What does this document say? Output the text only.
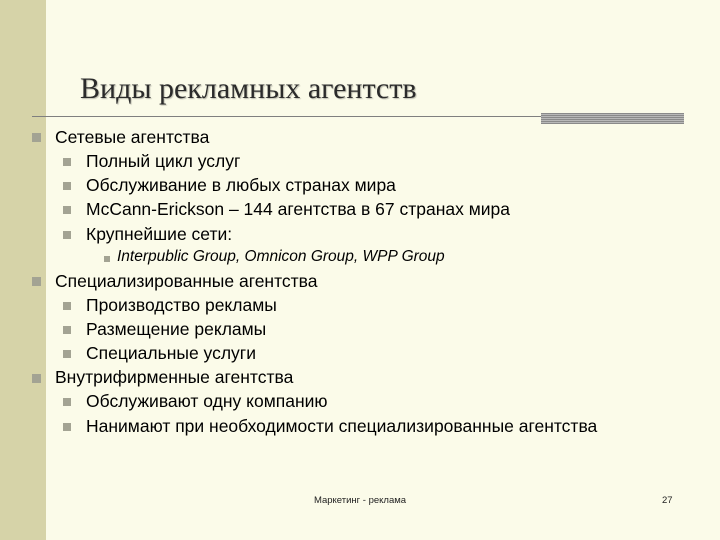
Виды рекламных агентств
Сетевые агентства
Полный цикл услуг
Обслуживание в любых странах мира
McCann-Erickson – 144 агентства в 67 странах мира
Крупнейшие сети:
Interpublic Group, Omnicon Group, WPP Group
Специализированные агентства
Производство рекламы
Размещение рекламы
Специальные услуги
Внутрифирменные агентства
Обслуживают одну компанию
Нанимают при необходимости специализированные агентства
Маркетинг - реклама	27
